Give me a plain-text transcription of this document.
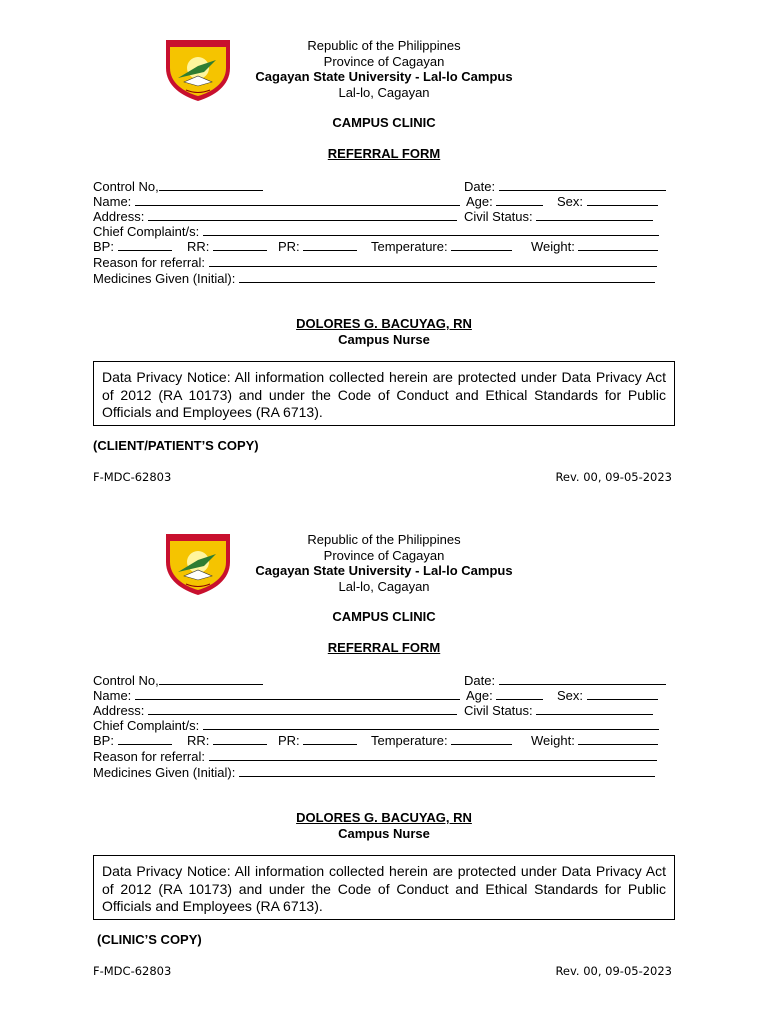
Republic of the Philippines
Province of Cagayan
Cagayan State University - Lal-lo Campus
Lal-lo, Cagayan
CAMPUS CLINIC
REFERRAL FORM
Control No,	Date:
Name:	Age:	Sex:
Address:	Civil Status:
Chief Complaint/s:
BP:	RR:	PR:	Temperature:	Weight:
Reason for referral:
Medicines Given (Initial):
DOLORES G. BACUYAG, RN
Campus Nurse
Data Privacy Notice: All information collected herein are protected under Data Privacy Act of 2012 (RA 10173) and under the Code of Conduct and Ethical Standards for Public Officials and Employees (RA 6713).
(CLIENT/PATIENT’S COPY)
F-MDC-62803	Rev. 00, 09-05-2023
Republic of the Philippines
Province of Cagayan
Cagayan State University - Lal-lo Campus
Lal-lo, Cagayan
CAMPUS CLINIC
REFERRAL FORM
Control No,	Date:
Name:	Age:	Sex:
Address:	Civil Status:
Chief Complaint/s:
BP:	RR:	PR:	Temperature:	Weight:
Reason for referral:
Medicines Given (Initial):
DOLORES G. BACUYAG, RN
Campus Nurse
Data Privacy Notice: All information collected herein are protected under Data Privacy Act of 2012 (RA 10173) and under the Code of Conduct and Ethical Standards for Public Officials and Employees (RA 6713).
(CLINIC’S COPY)
F-MDC-62803	Rev. 00, 09-05-2023
